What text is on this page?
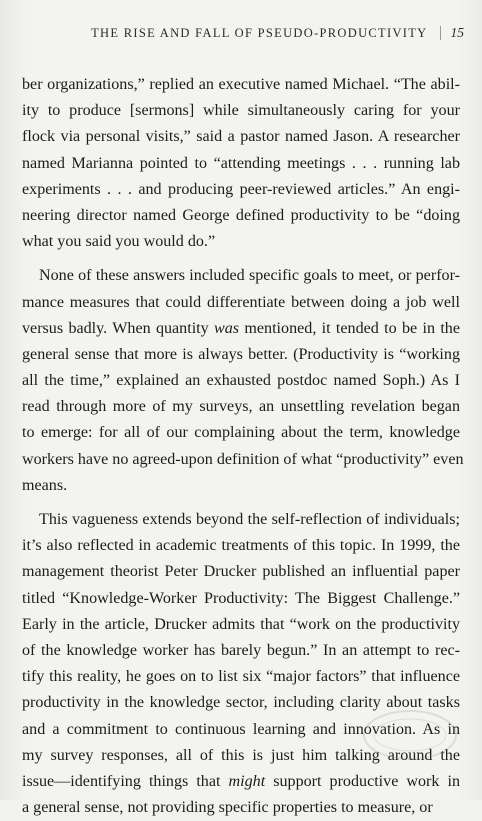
THE RISE AND FALL OF PSEUDO-PRODUCTIVITY 15
ber organizations,” replied an executive named Michael. “The abil-
ity to produce [sermons] while simultaneously caring for your
flock via personal visits,” said a pastor named Jason. A researcher
named Marianna pointed to “attending meetings . . . running lab
experiments . . . and producing peer-reviewed articles.” An engi-
neering director named George defined productivity to be “doing
what you said you would do.”
None of these answers included specific goals to meet, or perfor-
mance measures that could differentiate between doing a job well
versus badly. When quantity was mentioned, it tended to be in the
general sense that more is always better. (Productivity is “working
all the time,” explained an exhausted postdoc named Soph.) As I
read through more of my surveys, an unsettling revelation began
to emerge: for all of our complaining about the term, knowledge
workers have no agreed-upon definition of what “productivity” even
means.
This vagueness extends beyond the self-reflection of individuals;
it’s also reflected in academic treatments of this topic. In 1999, the
management theorist Peter Drucker published an influential paper
titled “Knowledge-Worker Productivity: The Biggest Challenge.”
Early in the article, Drucker admits that “work on the productivity
of the knowledge worker has barely begun.” In an attempt to rec-
tify this reality, he goes on to list six “major factors” that influence
productivity in the knowledge sector, including clarity about tasks
and a commitment to continuous learning and innovation. As in
my survey responses, all of this is just him talking around the
issue—identifying things that might support productive work in
a general sense, not providing specific properties to measure, or
